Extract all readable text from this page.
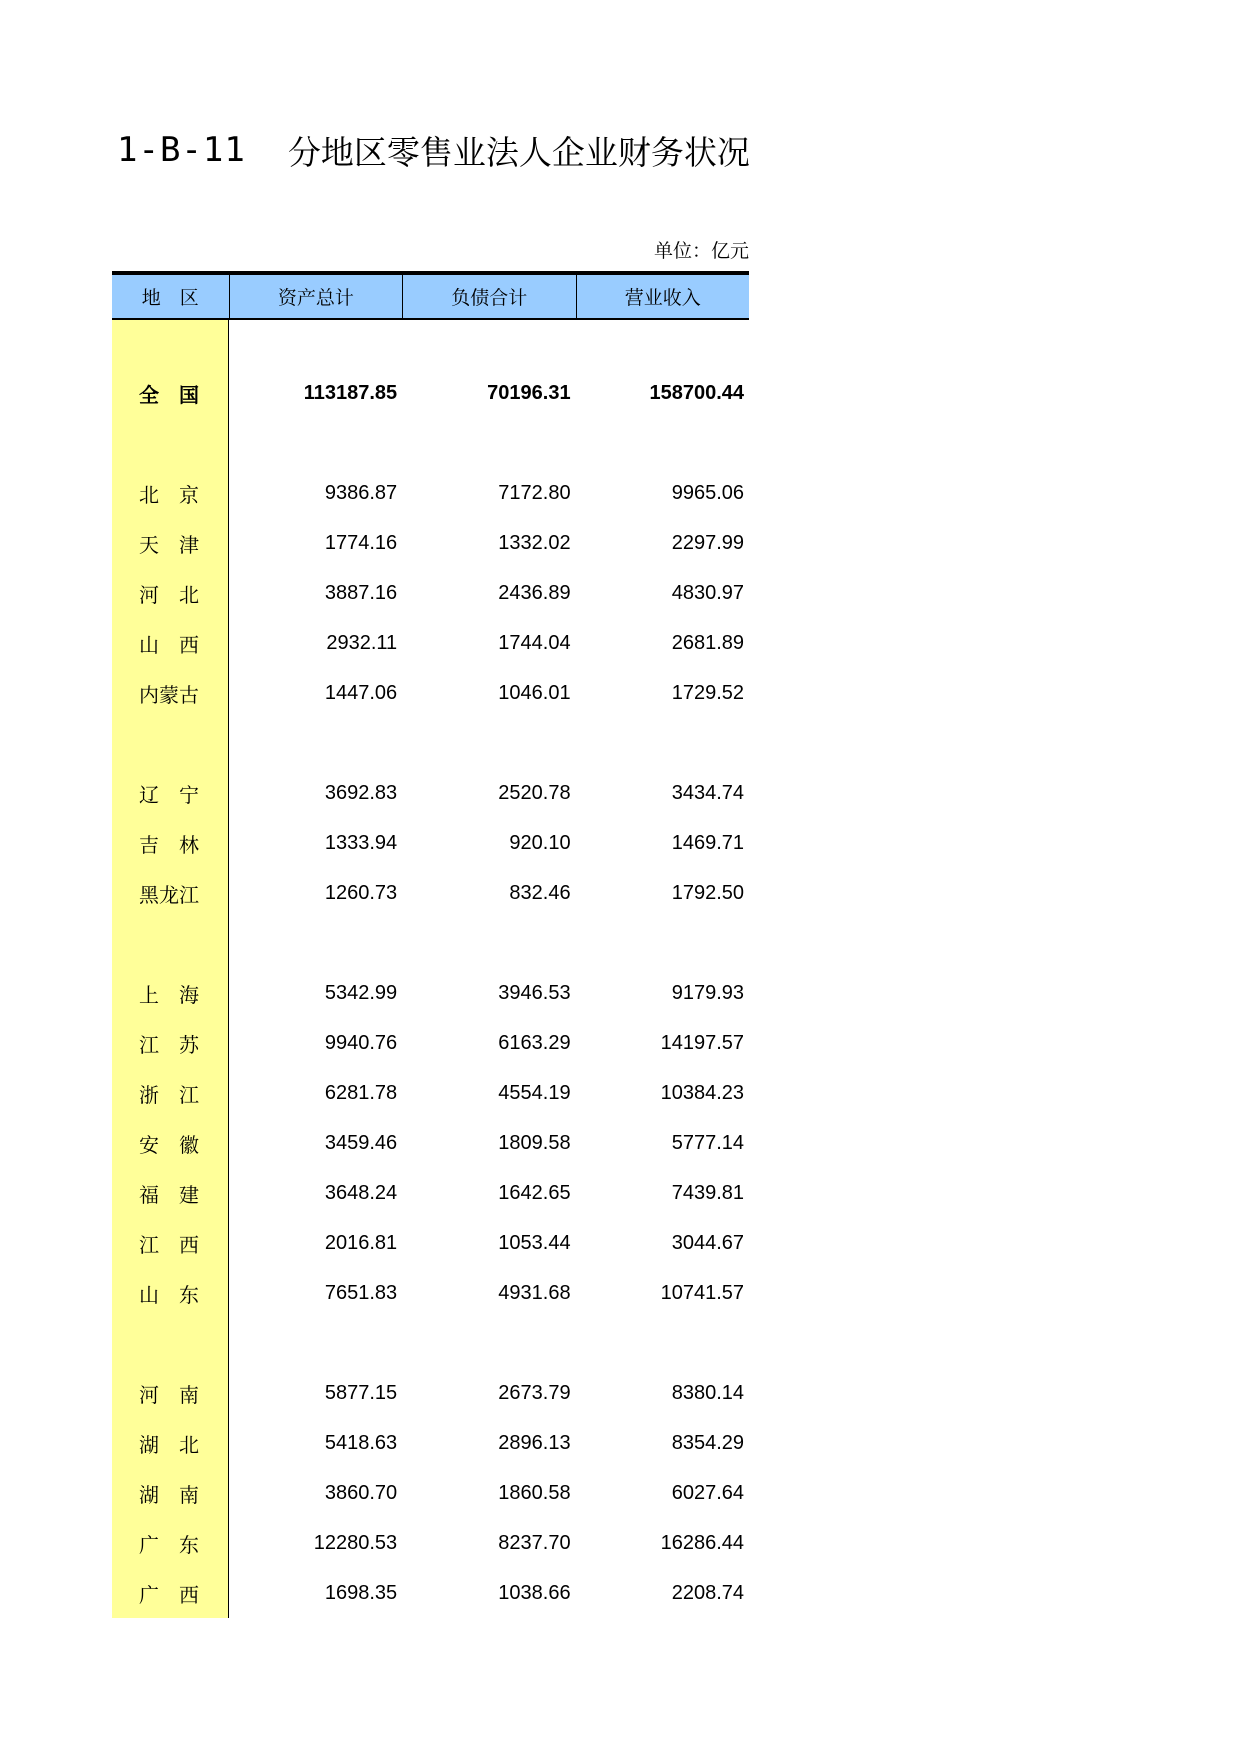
1-B-11 分地区零售业法人企业财务状况
单位：亿元
地　区	资产总计	负债合计	营业收入
全　国	113187.85	70196.31	158700.44
北　京	9386.87	7172.80	9965.06
天　津	1774.16	1332.02	2297.99
河　北	3887.16	2436.89	4830.97
山　西	2932.11	1744.04	2681.89
内蒙古	1447.06	1046.01	1729.52
辽　宁	3692.83	2520.78	3434.74
吉　林	1333.94	920.10	1469.71
黑龙江	1260.73	832.46	1792.50
上　海	5342.99	3946.53	9179.93
江　苏	9940.76	6163.29	14197.57
浙　江	6281.78	4554.19	10384.23
安　徽	3459.46	1809.58	5777.14
福　建	3648.24	1642.65	7439.81
江　西	2016.81	1053.44	3044.67
山　东	7651.83	4931.68	10741.57
河　南	5877.15	2673.79	8380.14
湖　北	5418.63	2896.13	8354.29
湖　南	3860.70	1860.58	6027.64
广　东	12280.53	8237.70	16286.44
广　西	1698.35	1038.66	2208.74
